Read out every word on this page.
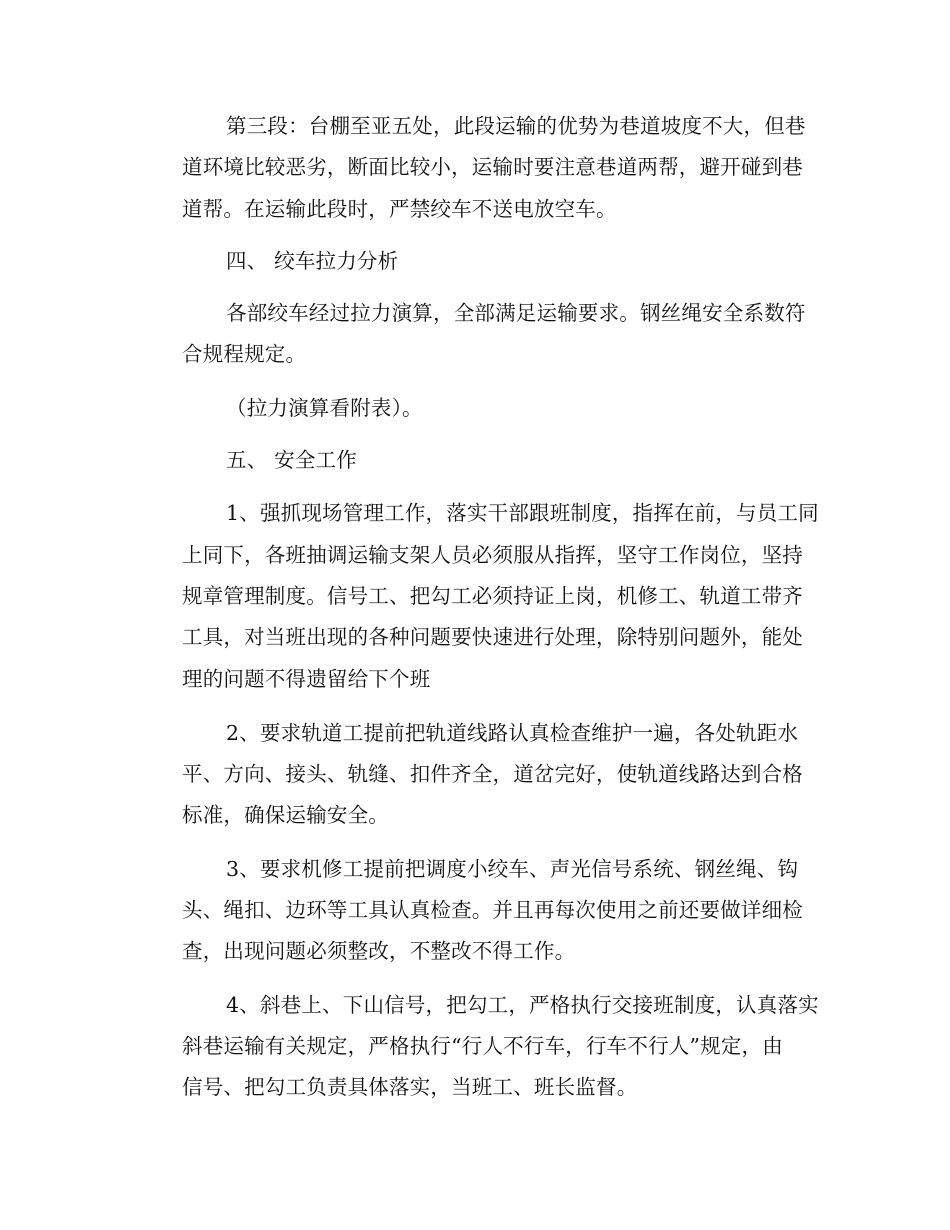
第三段：台棚至亚五处，此段运输的优势为巷道坡度不大，但巷
道环境比较恶劣，断面比较小，运输时要注意巷道两帮，避开碰到巷
道帮。在运输此段时，严禁绞车不送电放空车。

四、 绞车拉力分析

各部绞车经过拉力演算，全部满足运输要求。钢丝绳安全系数符
合规程规定。

（拉力演算看附表）。

五、 安全工作

1、强抓现场管理工作，落实干部跟班制度，指挥在前，与员工同
上同下，各班抽调运输支架人员必须服从指挥，坚守工作岗位，坚持
规章管理制度。信号工、把勾工必须持证上岗，机修工、轨道工带齐
工具，对当班出现的各种问题要快速进行处理，除特别问题外，能处
理的问题不得遗留给下个班

2、要求轨道工提前把轨道线路认真检查维护一遍，各处轨距水
平、方向、接头、轨缝、扣件齐全，道岔完好，使轨道线路达到合格
标准，确保运输安全。

3、要求机修工提前把调度小绞车、声光信号系统、钢丝绳、钩
头、绳扣、边环等工具认真检查。并且再每次使用之前还要做详细检
查，出现问题必须整改，不整改不得工作。

4、斜巷上、下山信号，把勾工，严格执行交接班制度，认真落实
斜巷运输有关规定，严格执行“行人不行车，行车不行人”规定，由
信号、把勾工负责具体落实，当班工、班长监督。
